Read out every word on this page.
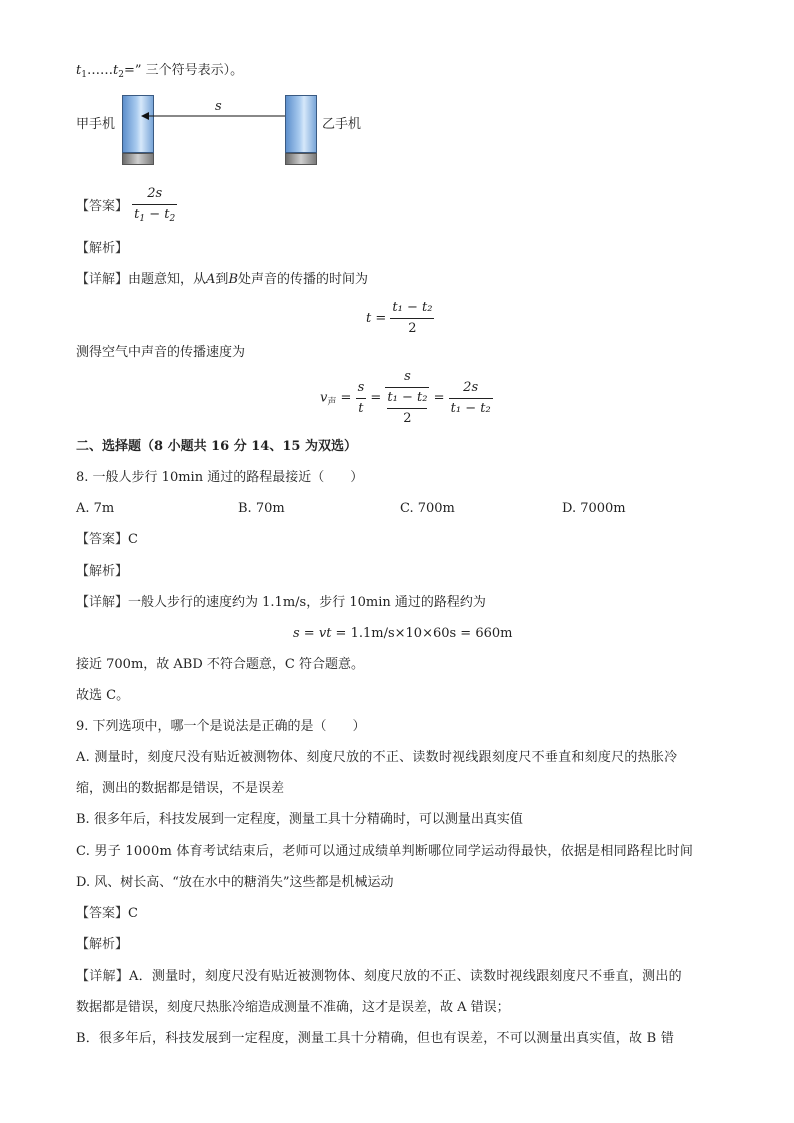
$t_1\dots\dots t_2=$” 三个符号表示）。
甲手机
s
乙手机
【答案】 $\frac{2s}{t_1 - t_2}$
【解析】
【详解】由题意知，从A到B处声音的传播的时间为
$t = \frac{\text{t₁ − t₂}}{2}$
测得空气中声音的传播速度为
$v_声 = \frac{s}{t} = s$
t₁ − t₂
$2 = \frac{2s}{\text{t₁ − t₂}}$
二、选择题（8 小题共 16 分 14、15 为双选）
8. 一般人步行 10min 通过的路程最接近（　　）
A. 7m	B. 70m	C. 700m	D. 7000m
【答案】C
【解析】
【详解】一般人步行的速度约为 1.1m/s，步行 10min 通过的路程约为
s = vt = 1.1m/s×10×60s = 660m
接近 700m，故 ABD 不符合题意，C 符合题意。
故选 C。
9. 下列选项中，哪一个是说法是正确的是（　　）
A. 测量时，刻度尺没有贴近被测物体、刻度尺放的不正、读数时视线跟刻度尺不垂直和刻度尺的热胀冷
缩，测出的数据都是错误，不是误差
B. 很多年后，科技发展到一定程度，测量工具十分精确时，可以测量出真实值
C. 男子 1000m 体育考试结束后，老师可以通过成绩单判断哪位同学运动得最快，依据是相同路程比时间
D. 风、树长高、“放在水中的糖消失”这些都是机械运动
【答案】C
【解析】
【详解】A．测量时，刻度尺没有贴近被测物体、刻度尺放的不正、读数时视线跟刻度尺不垂直，测出的
数据都是错误，刻度尺热胀冷缩造成测量不准确，这才是误差，故 A 错误；
B．很多年后，科技发展到一定程度，测量工具十分精确，但也有误差，不可以测量出真实值，故 B 错
